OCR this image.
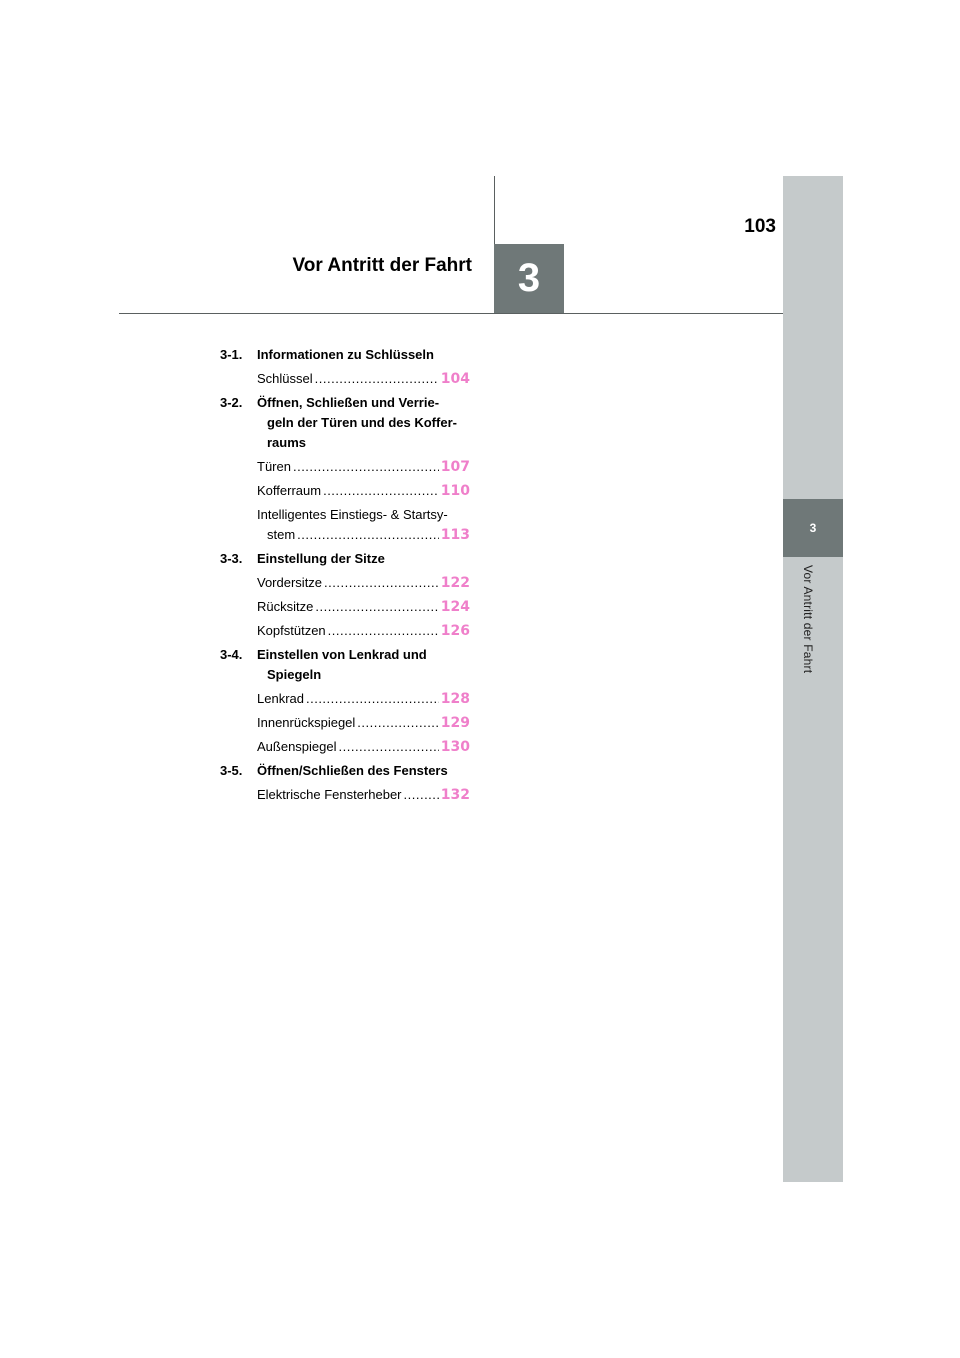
3
Vor Antritt der Fahrt
103
3
Vor Antritt der Fahrt
3-1.	Informationen zu Schlüsseln
Schlüssel .....	104
3-2.	Öffnen, Schließen und Verrie-
geln der Türen und des Koffer-
raums
Türen .....	107
Kofferraum .....	110
Intelligentes Einstiegs- & Startsy-
stem .....	113
3-3.	Einstellung der Sitze
Vordersitze .....	122
Rücksitze .....	124
Kopfstützen .....	126
3-4.	Einstellen von Lenkrad und
Spiegeln
Lenkrad .....	128
Innenrückspiegel .....	129
Außenspiegel .....	130
3-5.	Öffnen/Schließen des Fensters
Elektrische Fensterheber .....	132
